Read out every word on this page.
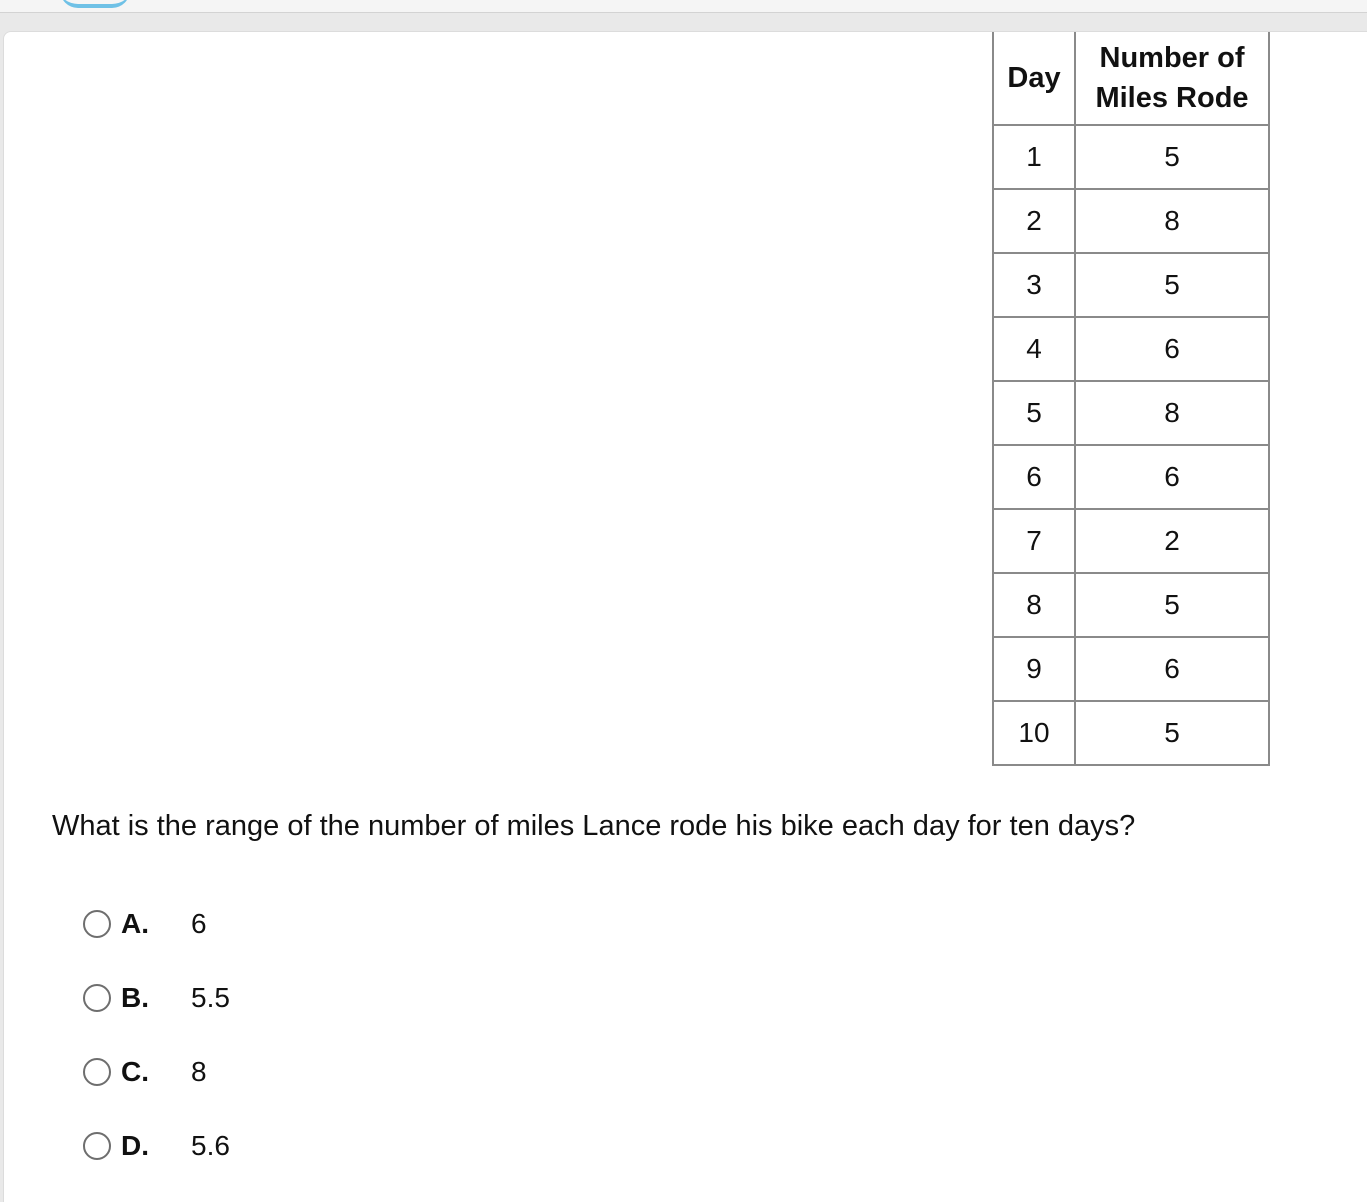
Day	Number of
Miles Rode

1	5
2	8
3	5
4	6
5	8
6	6
7	2
8	5
9	6
10	5

What is the range of the number of miles Lance rode his bike each day for ten days?

A.	6
B.	5.5
C.	8
D.	5.6
